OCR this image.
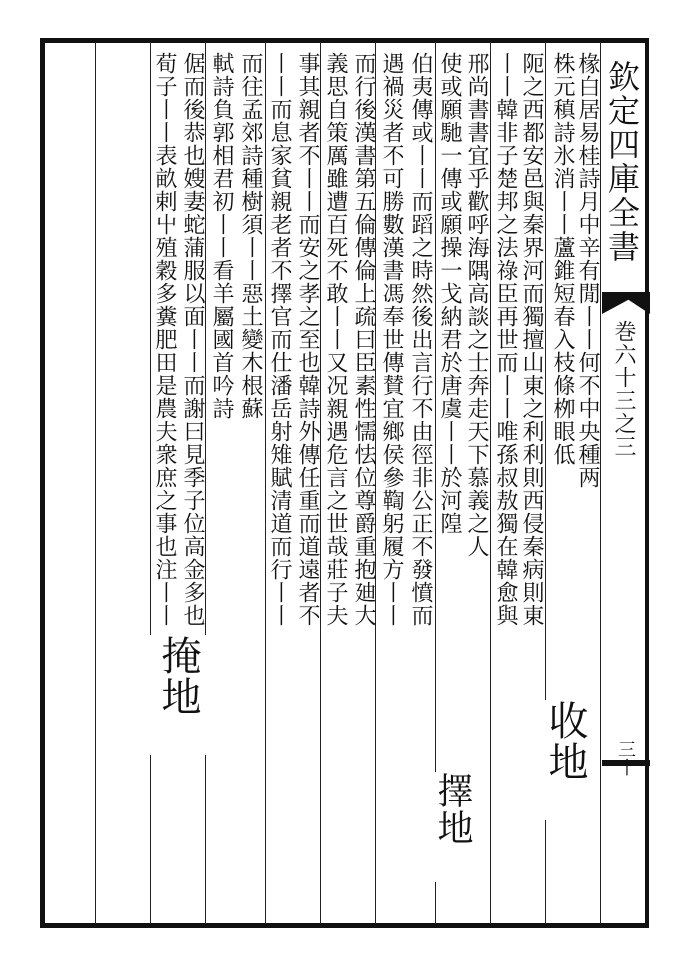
欽定四庫全書
巻六十三之三
三十
椽白居易桂詩月中辛有閒丨丨何不中央種两
株元稹詩氷消丨丨蘆錐短春入枝條栁眼低
阨之西都安邑與秦界河而獨擅山東之利利則西侵秦病則東
丨丨韓非子楚邦之法祿臣再世而丨丨唯孫叔敖獨在韓愈與
邢尚書書宜乎歡呼海隅高談之士奔走天下慕義之人
使或願馳一傳或願操一戈納君於唐虞丨丨於河隍
伯夷傳或丨丨而蹈之時然後出言行不由徑非公正不發憤而
遇禍災者不可勝數漢書馮奉世傳賛宜鄉侯參鞫躬履方丨丨
而行後漢書第五倫傳倫上疏曰臣素性懦怯位尊爵重抱廸大
義思自策厲雖遭百死不敢丨丨又况親遇危言之世哉莊子夫
事其親者不丨丨而安之孝之至也韓詩外傳任重而道遠者不
丨丨而息家貧親老者不擇官而仕潘岳射雉賦清道而行丨丨
而往孟郊詩種樹須丨丨惡土變木根蘇
軾詩負郭相君初丨丨看羊屬國首吟詩
倨而後恭也嫂妻蛇蒲服以面丨丨而謝曰見季子位高金多也
荀子丨丨表畝剌屮殖穀多糞肥田是農夫衆庶之事也注丨丨
收地
擇地
掩地
